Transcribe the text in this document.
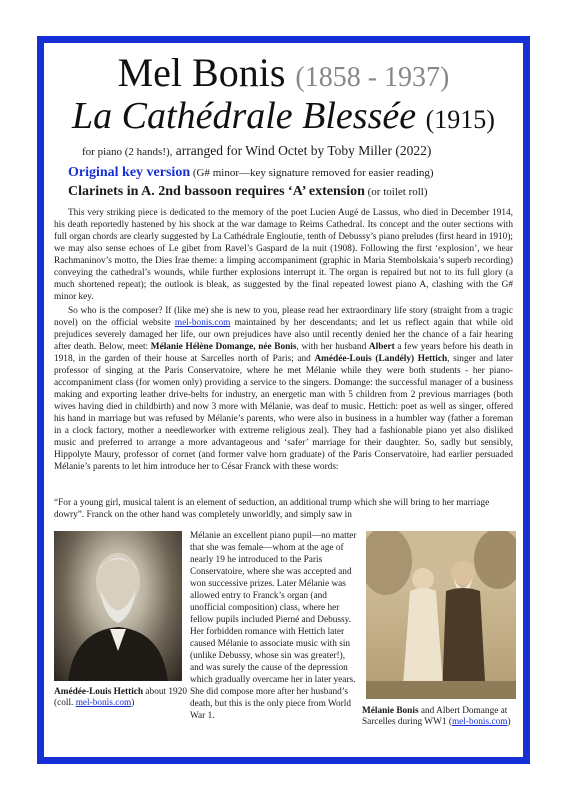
Mel Bonis (1858 - 1937)
La Cathédrale Blessée (1915)
for piano (2 hands!), arranged for Wind Octet by Toby Miller (2022)
Original key version (G# minor—key signature removed for easier reading)
Clarinets in A. 2nd bassoon requires ‘A’ extension (or toilet roll)

This very striking piece is dedicated to the memory of the poet Lucien Augé de Lassus, who died in December 1914, his death reportedly hastened by his shock at the war damage to Reims Cathedral. Its concept and the outer sections with full organ chords are clearly suggested by La Cathédrale Engloutie, tenth of Debussy’s piano preludes (first heard in 1910); we may also sense echoes of Le gibet from Ravel’s Gaspard de la nuit (1908). Following the first ‘explosion’, we hear Rachmaninov’s motto, the Dies Irae theme: a limping accompaniment (graphic in Maria Stembolskaia’s superb recording) conveying the cathedral’s wounds, while further explosions interrupt it. The organ is repaired but not to its full glory (a much shortened repeat); the outlook is bleak, as suggested by the final repeated lowest piano A, clashing with the G# minor key.

So who is the composer? If (like me) she is new to you, please read her extraordinary life story (straight from a tragic novel) on the official website mel-bonis.com maintained by her descendants; and let us reflect again that while old prejudices severely damaged her life, our own prejudices have also until recently denied her the chance of a fair hearing after death. Below, meet: Mélanie Hélène Domange, née Bonis, with her husband Albert a few years before his death in 1918, in the garden of their house at Sarcelles north of Paris; and Amédée-Louis (Landély) Hettich, singer and later professor of singing at the Paris Conservatoire, where he met Mélanie while they were both students - her piano-accompaniment class (for women only) providing a service to the singers. Domange: the successful manager of a business making and exporting leather drive-belts for industry, an energetic man with 5 children from 2 previous marriages (both wives having died in childbirth) and now 3 more with Mélanie, was deaf to music. Hettich: poet as well as singer, offered his hand in marriage but was refused by Mélanie’s parents, who were also in business in a humbler way (father a foreman in a clock factory, mother a needleworker with extreme religious zeal). They had a fashionable piano yet also disliked music and preferred to arrange a more advantageous and ‘safer’ marriage for their daughter. So, sadly but sensibly, Hippolyte Maury, professor of cornet (and former valve horn graduate) of the Paris Conservatoire, had earlier persuaded Mélanie’s parents to let him introduce her to César Franck with these words:

“For a young girl, musical talent is an element of seduction, an additional trump which she will bring to her marriage dowry”. Franck on the other hand was completely unworldly, and simply saw in
Mélanie an excellent piano pupil—no matter that she was female—whom at the age of nearly 19 he introduced to the Paris Conservatoire, where she was accepted and won successive prizes. Later Mélanie was allowed entry to Franck’s organ (and unofficial composition) class, where her fellow pupils included Pierné and Debussy. Her forbidden romance with Hettich later caused Mélanie to associate music with sin (unlike Debussy, whose sin was greater!), and was surely the cause of the depression which gradually overcame her in later years. She did compose more after her husband’s death, but this is the only piece from World War 1.
Amédée-Louis Hettich about 1920 (coll. mel-bonis.com)
Mélanie Bonis and Albert Domange at Sarcelles during WW1 (mel-bonis.com)
